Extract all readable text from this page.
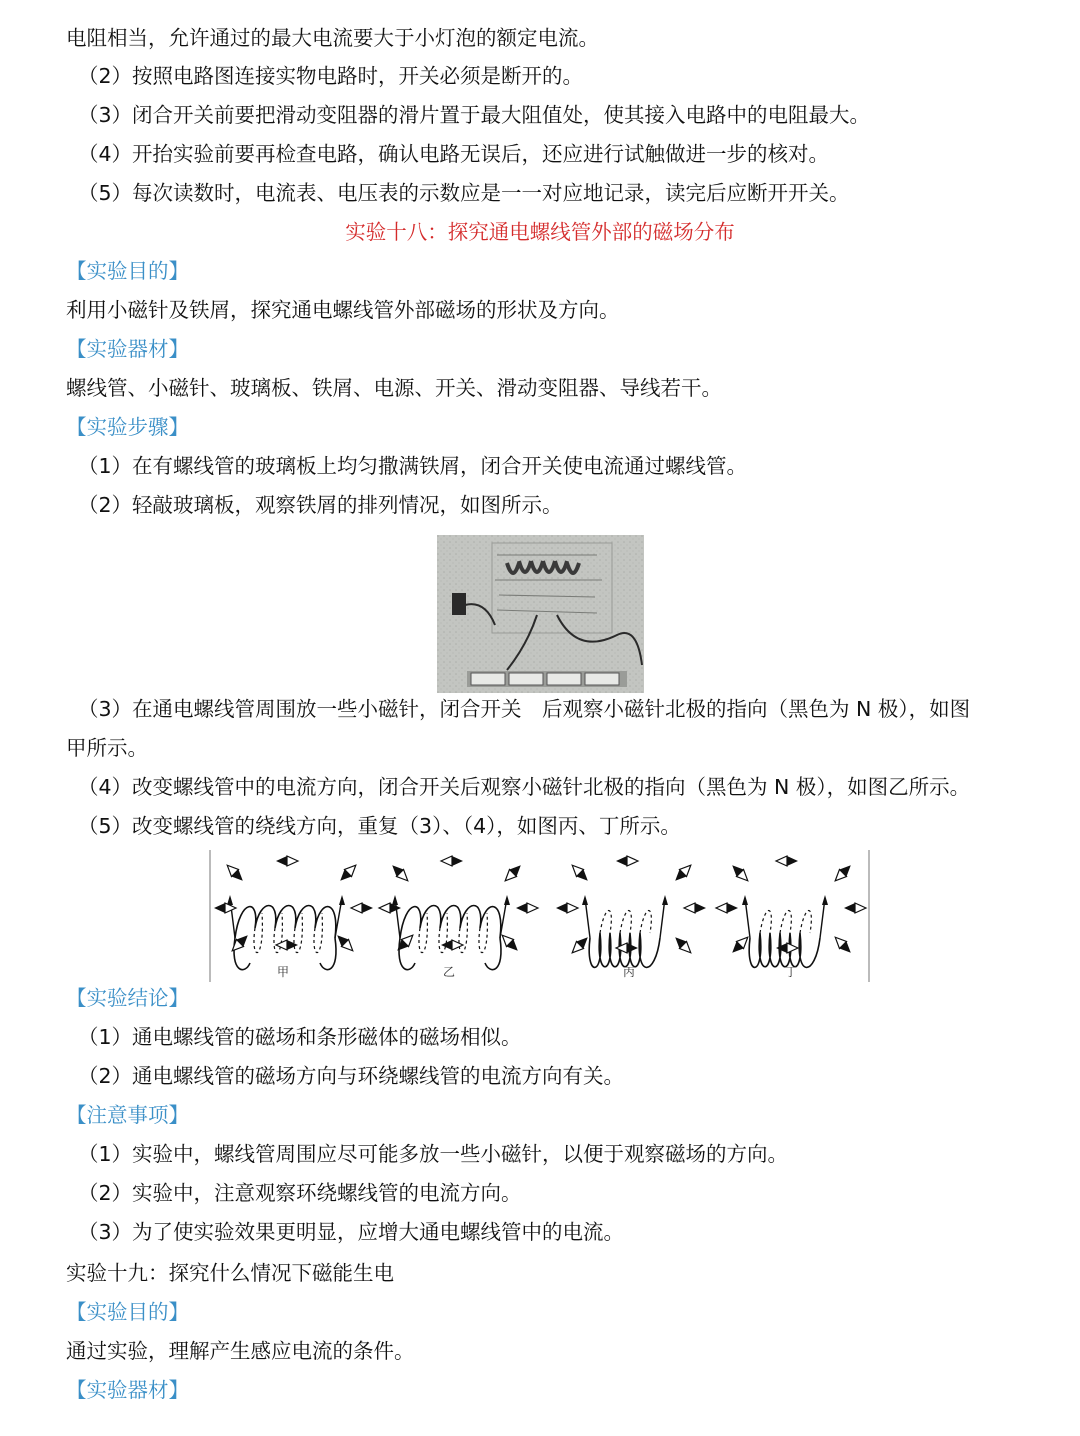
电阻相当，允许通过的最大电流要大于小灯泡的额定电流。
（2）按照电路图连接实物电路时，开关必须是断开的。
（3）闭合开关前要把滑动变阻器的滑片置于最大阻值处，使其接入电路中的电阻最大。
（4）开抬实验前要再检查电路，确认电路无误后，还应进行试触做进一步的核对。
（5）每次读数时，电流表、电压表的示数应是一一对应地记录，读完后应断开开关。
实验十八：探究通电螺线管外部的磁场分布
【实验目的】
利用小磁针及铁屑，探究通电螺线管外部磁场的形状及方向。
【实验器材】
螺线管、小磁针、玻璃板、铁屑、电源、开关、滑动变阻器、导线若干。
【实验步骤】
（1）在有螺线管的玻璃板上均匀撒满铁屑，闭合开关使电流通过螺线管。
（2）轻敲玻璃板，观察铁屑的排列情况，如图所示。
（3）在通电螺线管周围放一些小磁针，闭合开关　后观察小磁针北极的指向（黑色为 N 极），如图
甲所示。
（4）改变螺线管中的电流方向，闭合开关后观察小磁针北极的指向（黑色为 N 极），如图乙所示。
（5）改变螺线管的绕线方向，重复（3）、（4），如图丙、丁所示。
甲	乙	丙	丁
【实验结论】
（1）通电螺线管的磁场和条形磁体的磁场相似。
（2）通电螺线管的磁场方向与环绕螺线管的电流方向有关。
【注意事项】
（1）实验中，螺线管周围应尽可能多放一些小磁针，以便于观察磁场的方向。
（2）实验中，注意观察环绕螺线管的电流方向。
（3）为了使实验效果更明显，应增大通电螺线管中的电流。
实验十九：探究什么情况下磁能生电
【实验目的】
通过实验，理解产生感应电流的条件。
【实验器材】
